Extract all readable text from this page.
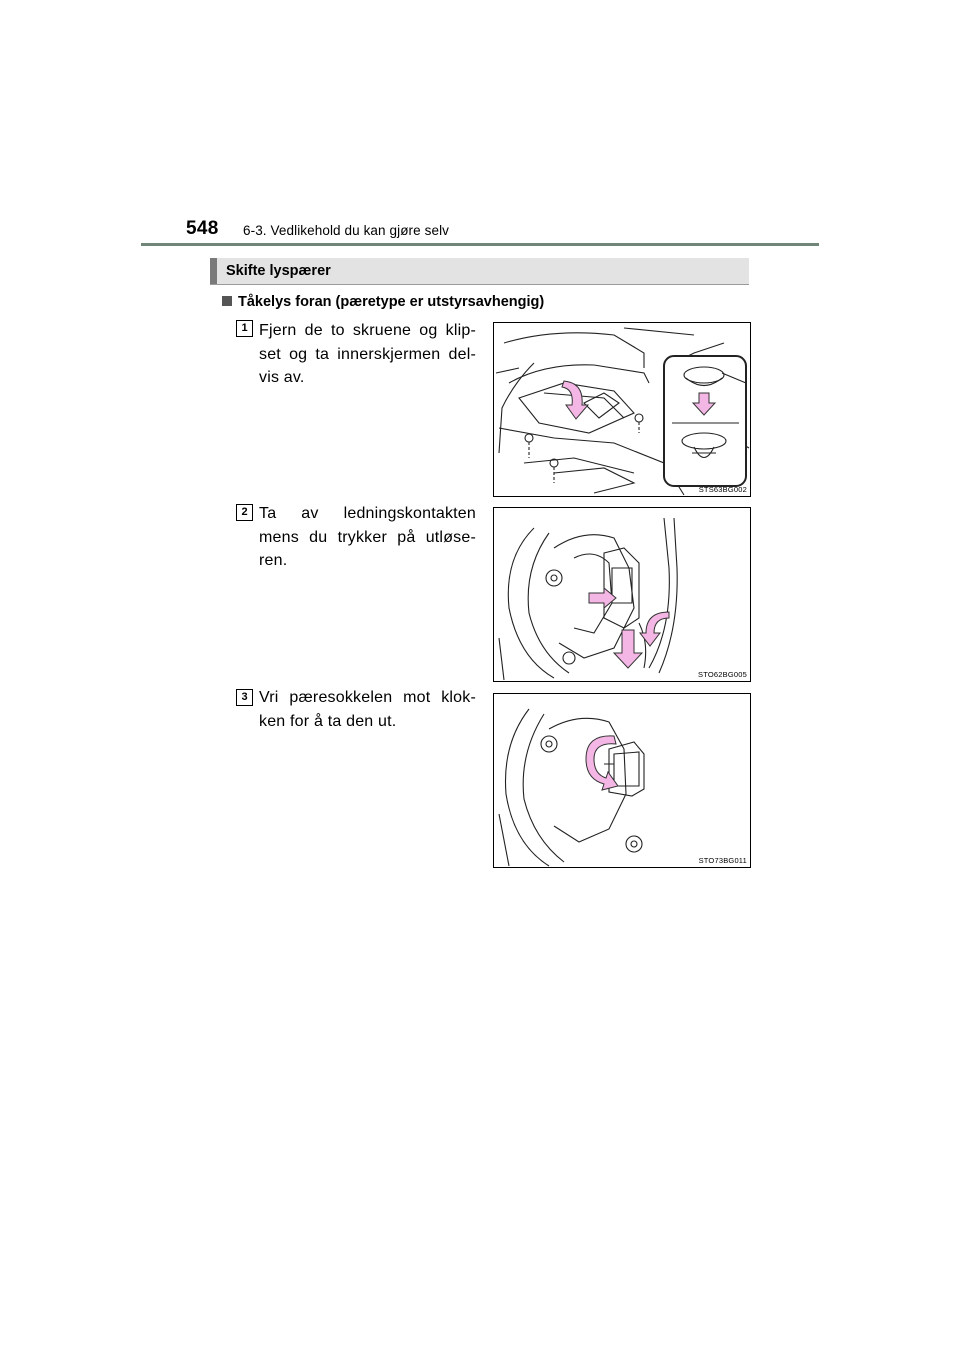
548 6-3. Vedlikehold du kan gjøre selv
Skifte lyspærer
Tåkelys foran (pæretype er utstyrsavhengig)
1 Fjern de to skruene og klip-set og ta innerskjermen del-vis av.
STS63BG002
2 Ta av ledningskontakten mens du trykker på utløse-ren.
STO62BG005
3 Vri pæresokkelen mot klok-ken for å ta den ut.
STO73BG011
